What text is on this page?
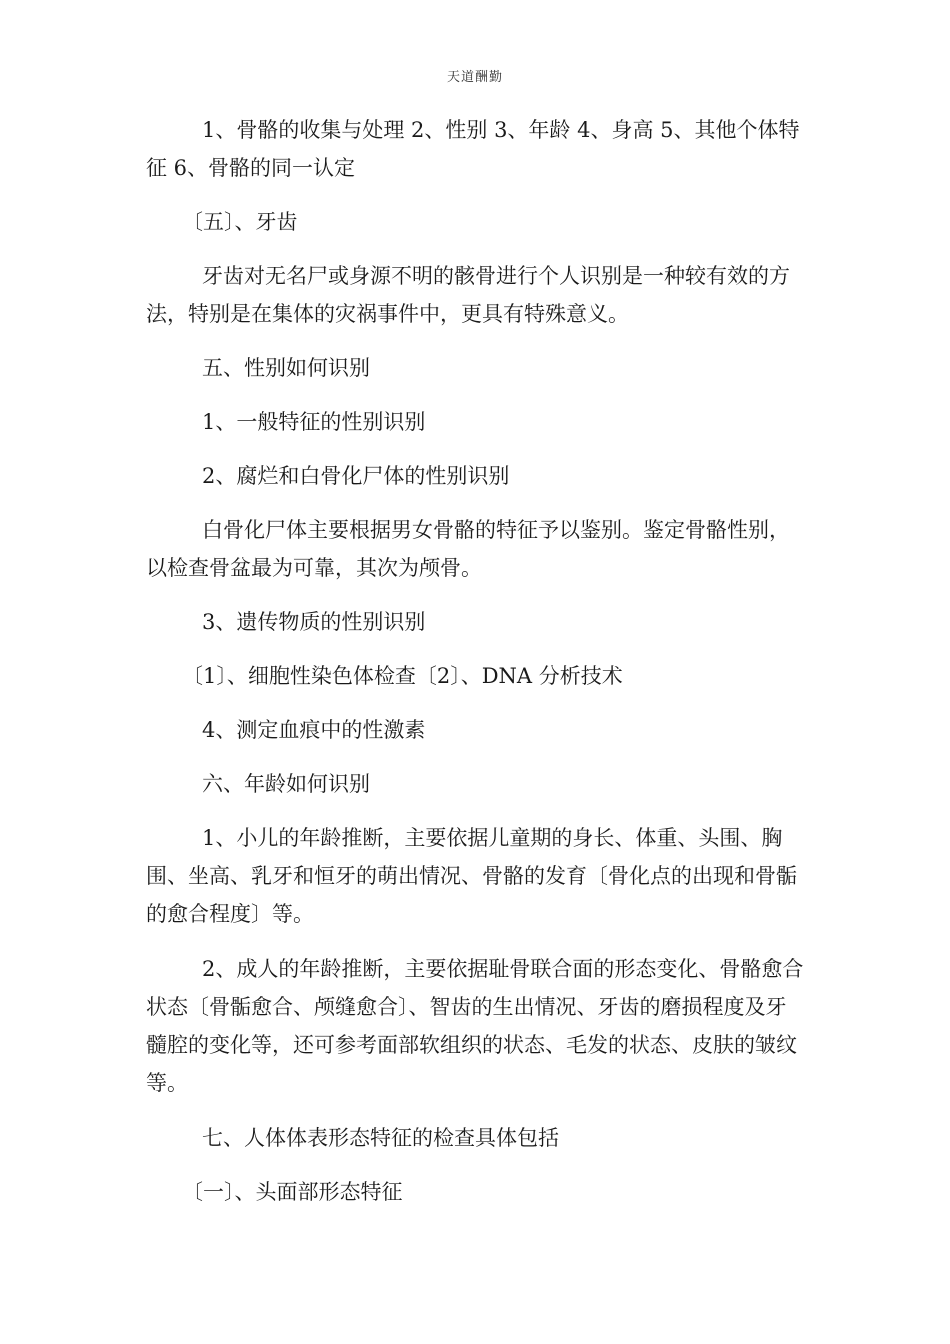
天道酬勤

1、骨骼的收集与处理 2、性别 3、年龄 4、身高 5、其他个体特征 6、骨骼的同一认定

〔五〕、牙齿

牙齿对无名尸或身源不明的骸骨进行个人识别是一种较有效的方法，特别是在集体的灾祸事件中，更具有特殊意义。

五、性别如何识别

1、一般特征的性别识别

2、腐烂和白骨化尸体的性别识别

白骨化尸体主要根据男女骨骼的特征予以鉴别。鉴定骨骼性别，以检查骨盆最为可靠，其次为颅骨。

3、遗传物质的性别识别

〔1〕、细胞性染色体检查〔2〕、DNA 分析技术

4、测定血痕中的性激素

六、年龄如何识别

1、小儿的年龄推断，主要依据儿童期的身长、体重、头围、胸围、坐高、乳牙和恒牙的萌出情况、骨骼的发育〔骨化点的出现和骨骺的愈合程度〕等。

2、成人的年龄推断，主要依据耻骨联合面的形态变化、骨骼愈合状态〔骨骺愈合、颅缝愈合〕、智齿的生出情况、牙齿的磨损程度及牙髓腔的变化等，还可参考面部软组织的状态、毛发的状态、皮肤的皱纹等。

七、人体体表形态特征的检查具体包括

〔一〕、头面部形态特征
